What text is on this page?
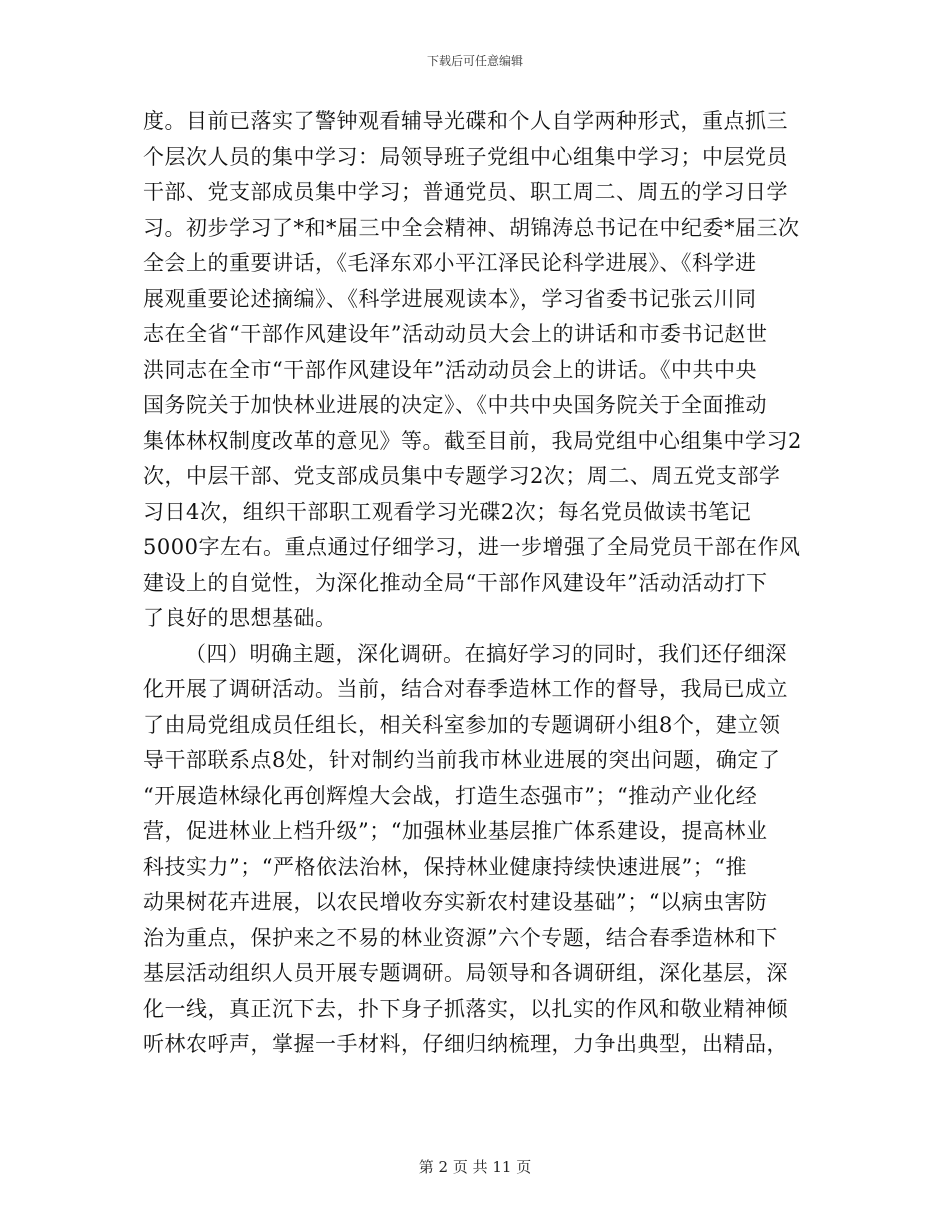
下载后可任意编辑
度。目前已落实了警钟观看辅导光碟和个人自学两种形式，重点抓三
个层次人员的集中学习：局领导班子党组中心组集中学习；中层党员
干部、党支部成员集中学习；普通党员、职工周二、周五的学习日学
习。初步学习了*和*届三中全会精神、胡锦涛总书记在中纪委*届三次
全会上的重要讲话，《毛泽东邓小平江泽民论科学进展》、《科学进
展观重要论述摘编》、《科学进展观读本》，学习省委书记张云川同
志在全省“干部作风建设年”活动动员大会上的讲话和市委书记赵世
洪同志在全市“干部作风建设年”活动动员会上的讲话。《中共中央
国务院关于加快林业进展的决定》、《中共中央国务院关于全面推动
集体林权制度改革的意见》等。截至目前，我局党组中心组集中学习2
次，中层干部、党支部成员集中专题学习2次；周二、周五党支部学
习日4次，组织干部职工观看学习光碟2次；每名党员做读书笔记
5000字左右。重点通过仔细学习，进一步增强了全局党员干部在作风
建设上的自觉性，为深化推动全局“干部作风建设年”活动活动打下
了良好的思想基础。
（四）明确主题，深化调研。在搞好学习的同时，我们还仔细深
化开展了调研活动。当前，结合对春季造林工作的督导，我局已成立
了由局党组成员任组长，相关科室参加的专题调研小组8个，建立领
导干部联系点8处，针对制约当前我市林业进展的突出问题，确定了
“开展造林绿化再创辉煌大会战，打造生态强市”；“推动产业化经
营，促进林业上档升级”；“加强林业基层推广体系建设，提高林业
科技实力”；“严格依法治林，保持林业健康持续快速进展”；“推
动果树花卉进展，以农民增收夯实新农村建设基础”；“以病虫害防
治为重点，保护来之不易的林业资源”六个专题，结合春季造林和下
基层活动组织人员开展专题调研。局领导和各调研组，深化基层，深
化一线，真正沉下去，扑下身子抓落实，以扎实的作风和敬业精神倾
听林农呼声，掌握一手材料，仔细归纳梳理，力争出典型，出精品，
第 2 页 共 11 页
